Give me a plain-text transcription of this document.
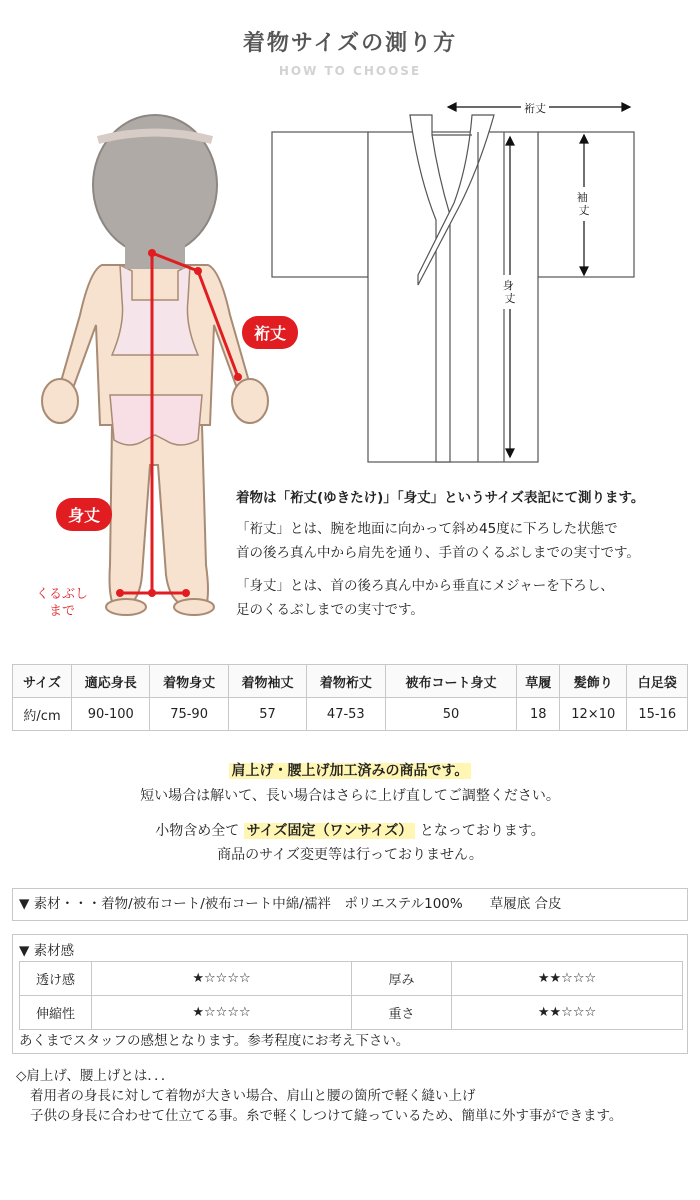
着物サイズの測り方
HOW TO CHOOSE
裄丈
身丈
くるぶし
まで
裄丈
袖 丈
身 丈
着物は「裄丈(ゆきたけ)」「身丈」というサイズ表記にて測ります。
「裄丈」とは、腕を地面に向かって斜め45度に下ろした状態で
首の後ろ真ん中から肩先を通り、手首のくるぶしまでの実寸です。
「身丈」とは、首の後ろ真ん中から垂直にメジャーを下ろし、
足のくるぶしまでの実寸です。
サイズ	適応身長	着物身丈	着物袖丈	着物裄丈	被布コート身丈	草履	髪飾り	白足袋
約/cm	90-100	75-90	57	47-53	50	18	12×10	15-16
肩上げ・腰上げ加工済みの商品です。
短い場合は解いて、長い場合はさらに上げ直してご調整ください。
小物含め全て サイズ固定（ワンサイズ） となっております。
商品のサイズ変更等は行っておりません。
▼ 素材・・・着物/被布コート/被布コート中綿/襦袢　ポリエステル100%　　草履底 合皮
▼ 素材感
透け感	★☆☆☆☆	厚み	★★☆☆☆
伸縮性	★☆☆☆☆	重さ	★★☆☆☆
あくまでスタッフの感想となります。参考程度にお考え下さい。
◇肩上げ、腰上げとは．．．
着用者の身長に対して着物が大きい場合、肩山と腰の箇所で軽く縫い上げ
子供の身長に合わせて仕立てる事。糸で軽くしつけて縫っているため、簡単に外す事ができます。
